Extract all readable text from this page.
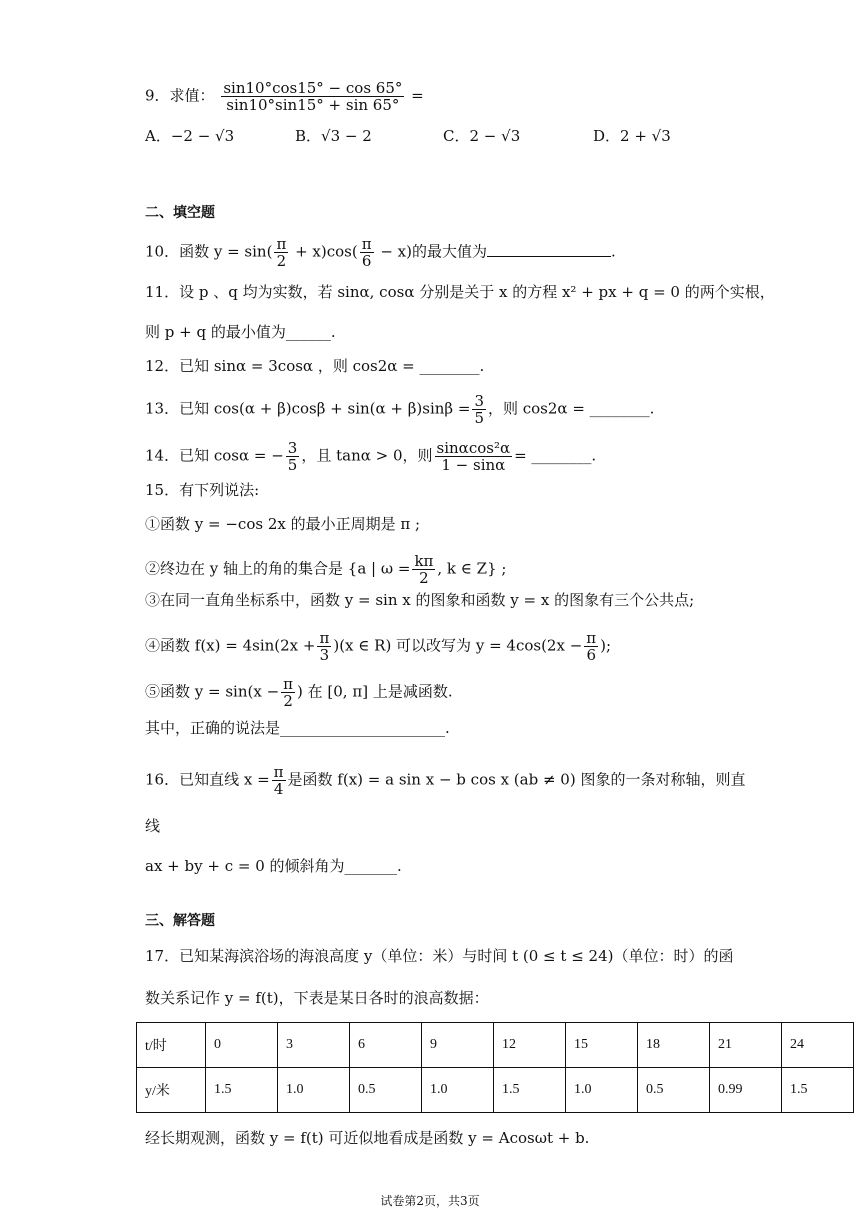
9．求值： $\frac{\sin 10^\circ\cos 15^\circ - \cos 65^\circ}{\sin 10^\circ\sin 15^\circ + \sin 65^\circ}$ =
A．−2 − √3	B．√3 − 2	C．2 − √3	D．2 + √3
二、填空题
10．函数 $y = \sin( \frac{\pi}{2} + x)\cos( \frac{\pi}{6} - x)$的最大值为	.
11．设 p 、q 均为实数，若 sinα, cosα 分别是关于 x 的方程 x² + px + q = 0 的两个实根，
则 p + q 的最小值为______.
12．已知 sinα = 3cosα ，则 cos2α = ________.
13．已知 $\cos(\alpha + \beta)\cos\beta + \sin(\alpha + \beta)\sin\beta = \frac{3}{5}$ ，则 cos2α = ________.
14．已知 cosα = − $\frac{3}{5}$ ，且 tanα > 0，则 $\frac{\text{sinαcos²α}}{1 - \sin\alpha}$ = ________.
15．有下列说法:
①函数 y = −cos 2x 的最小正周期是 π ;
②终边在 y 轴上的角的集合是 {a | $\omega = \frac{k\pi}{2}$ , k ∈ Z} ;
③在同一直角坐标系中，函数 y = sin x 的图象和函数 y = x 的图象有三个公共点;
④函数 $f(x) = 4\sin(2x + \frac{\pi}{3} )(x$ ∈ R) 可以改写为 $y = 4\cos(2x - \frac{\pi}{6}$ );
⑤函数 $y = \sin(x - \frac{\pi}{2}$ ) 在 [0, π] 上是减函数.
其中，正确的说法是______________________.
16．已知直线 $x = \frac{\pi}{4}$ 是函数 f(x) = a sin x − b cos x (ab ≠ 0) 图象的一条对称轴，则直
线
ax + by + c = 0 的倾斜角为_______.
三、解答题
17．已知某海滨浴场的海浪高度 y（单位：米）与时间 t (0 ≤ t ≤ 24)（单位：时）的函
数关系记作 y = f(t)，下表是某日各时的浪高数据：
t/时	0	3	6	9	12	15	18	21	24
y/米	1.5	1.0	0.5	1.0	1.5	1.0	0.5	0.99	1.5
经长期观测，函数 y = f(t) 可近似地看成是函数 y = Acosωt + b.
试卷第2页，共3页
